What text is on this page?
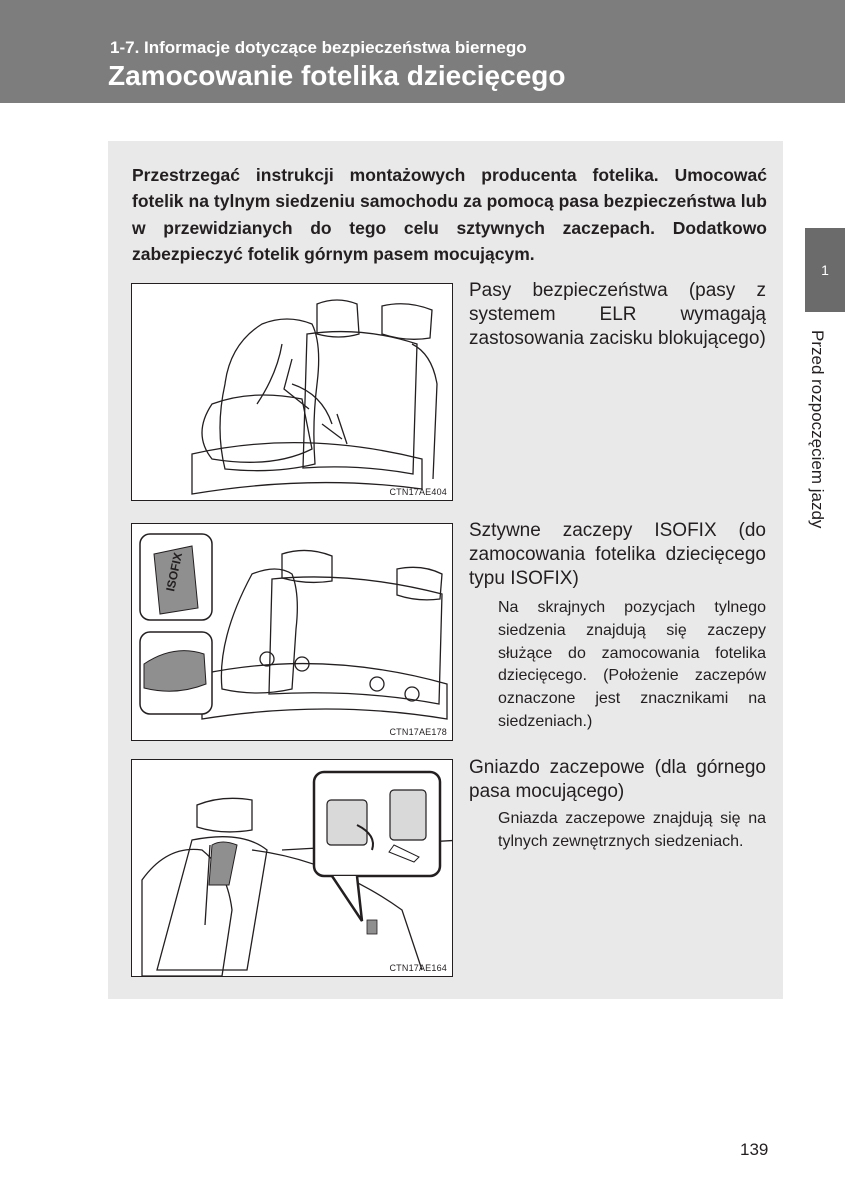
1-7. Informacje dotyczące bezpieczeństwa biernego
Zamocowanie fotelika dziecięcego
1
Przed rozpoczęciem jazdy
Przestrzegać instrukcji montażowych producenta fotelika. Umocować fotelik na tylnym siedzeniu samochodu za pomocą pasa bezpieczeństwa lub w przewidzianych do tego celu sztywnych zaczepach. Dodatkowo zabezpieczyć fotelik górnym pasem mocującym.
CTN17AE404
Pasy bezpieczeństwa (pasy z systemem ELR wymagają zastosowania zacisku blokującego)
ISOFIX
CTN17AE178
Sztywne zaczepy ISOFIX (do zamocowania fotelika dziecięcego typu ISOFIX)
Na skrajnych pozycjach tylnego siedzenia znajdują się zaczepy służące do zamocowania fotelika dziecięcego. (Położenie zaczepów oznaczone jest znacznikami na siedzeniach.)
CTN17AE164
Gniazdo zaczepowe (dla górnego pasa mocującego)
Gniazda zaczepowe znajdują się na tylnych zewnętrznych siedzeniach.
139
